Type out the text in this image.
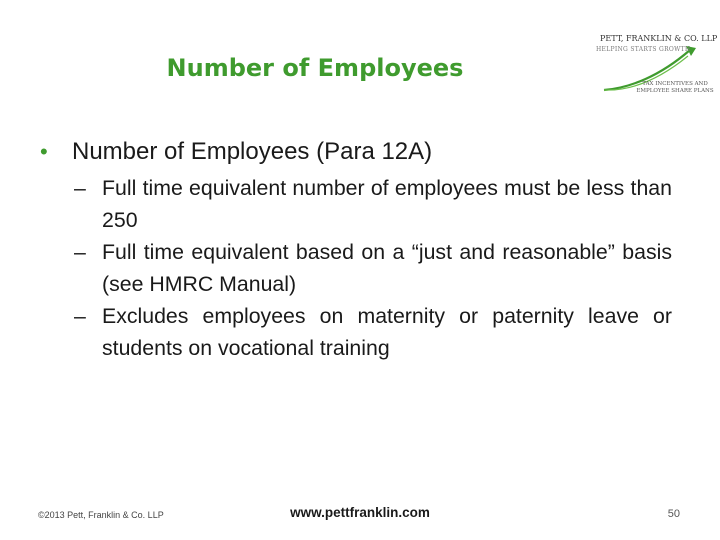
Number of Employees
PETT, FRANKLIN & CO. LLP
HELPING STARTS GROWTH
TAX INCENTIVES AND
EMPLOYEE SHARE PLANS
• Number of Employees (Para 12A)
– Full time equivalent number of employees must be less than 250
– Full time equivalent based on a “just and reasonable” basis (see HMRC Manual)
– Excludes employees on maternity or paternity leave or students on vocational training
©2013 Pett, Franklin & Co. LLP	www.pettfranklin.com	50
